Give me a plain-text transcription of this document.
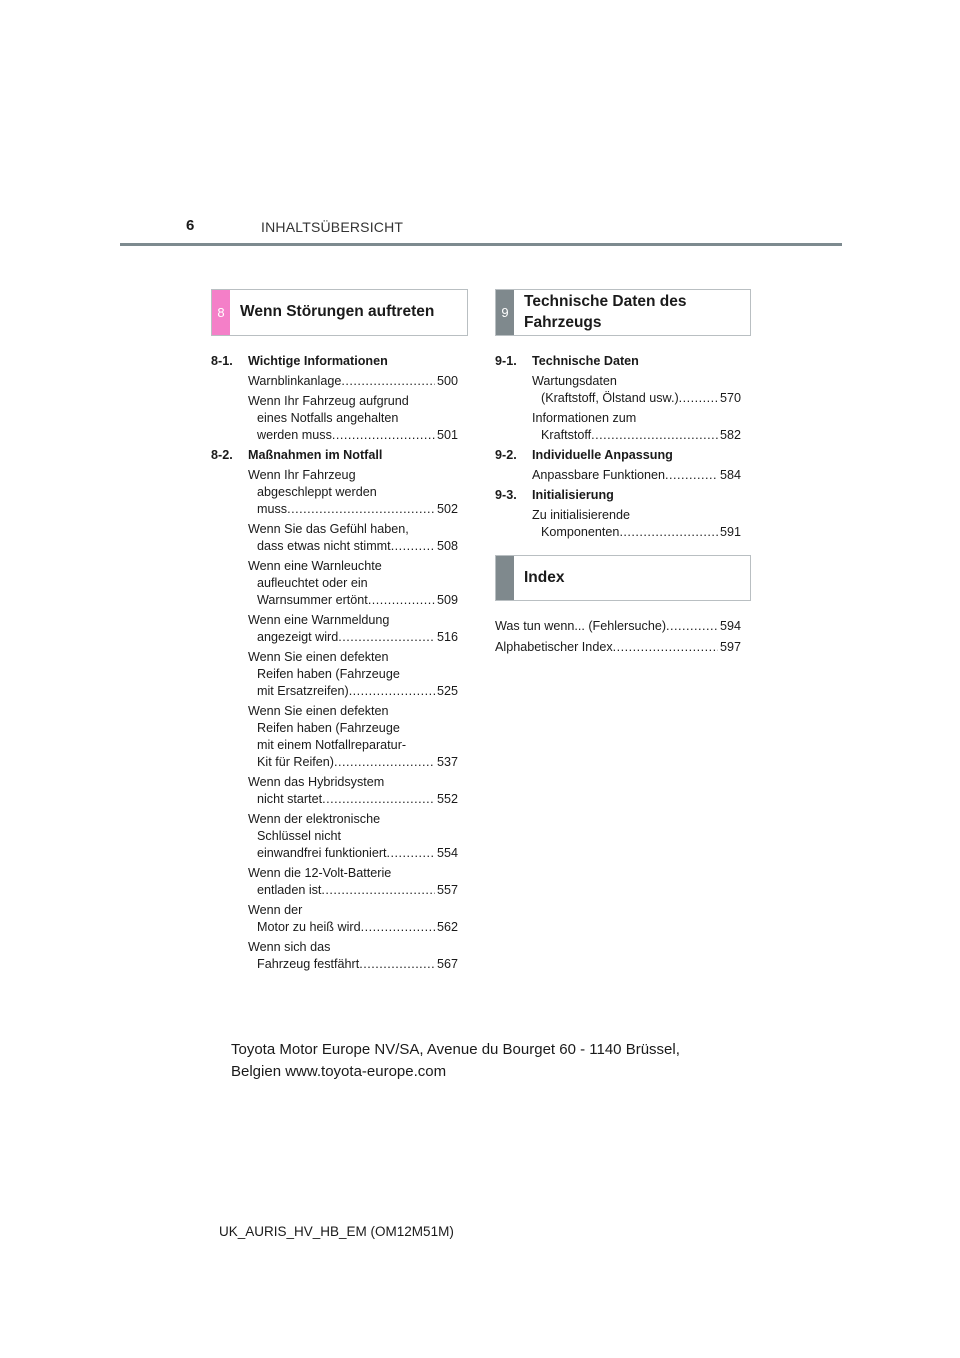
6	INHALTSÜBERSICHT
8 Wenn Störungen auftreten	9
Technische Daten des
Fahrzeugs
Index
8-1.	Wichtige Informationen
Warnblinkanlage .....	500
Wenn Ihr Fahrzeug aufgrund
eines Notfalls angehalten
werden muss .....	501
8-2.	Maßnahmen im Notfall
Wenn Ihr Fahrzeug
abgeschleppt werden
muss .....	502
Wenn Sie das Gefühl haben,
dass etwas nicht stimmt .....	508
Wenn eine Warnleuchte
aufleuchtet oder ein
Warnsummer ertönt .....	509
Wenn eine Warnmeldung
angezeigt wird .....	516
Wenn Sie einen defekten
Reifen haben (Fahrzeuge
mit Ersatzreifen) .....	525
Wenn Sie einen defekten
Reifen haben (Fahrzeuge
mit einem Notfallreparatur-
Kit für Reifen) .....	537
Wenn das Hybridsystem
nicht startet .....	552
Wenn der elektronische
Schlüssel nicht
einwandfrei funktioniert .....	554
Wenn die 12-Volt-Batterie
entladen ist .....	557
Wenn der
Motor zu heiß wird .....	562
Wenn sich das
Fahrzeug festfährt .....	567
9-1.	Technische Daten
Wartungsdaten
(Kraftstoff, Ölstand usw.) .....	570
Informationen zum
Kraftstoff .....	582
9-2.	Individuelle Anpassung
Anpassbare Funktionen .....	584
9-3.	Initialisierung
Zu initialisierende
Komponenten .....	591
Was tun wenn... (Fehlersuche) .....	594
Alphabetischer Index .....	597
Toyota Motor Europe NV/SA, Avenue du Bourget 60 - 1140 Brüssel,
Belgien www.toyota-europe.com
UK_AURIS_HV_HB_EM (OM12M51M)
